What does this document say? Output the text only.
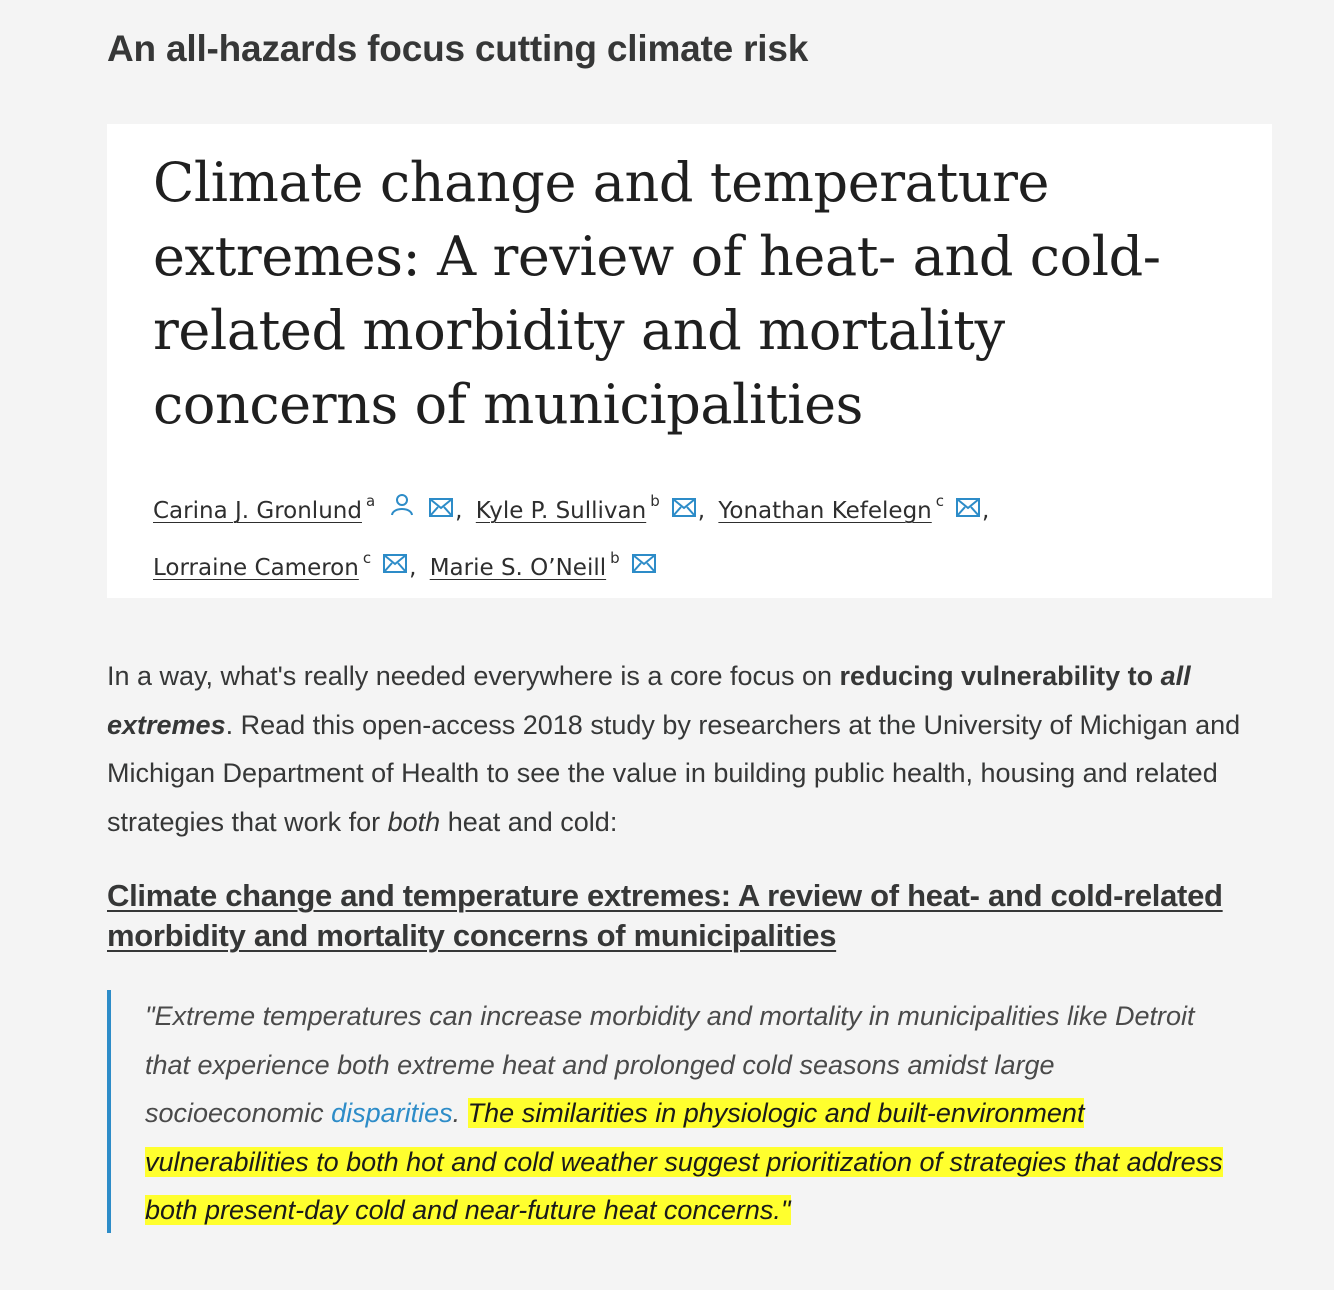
An all-hazards focus cutting climate risk
Climate change and temperature extremes: A review of heat- and cold-related morbidity and mortality concerns of municipalities
Carina J. Gronlund $^a$	, Kyle P. Sullivan $^b$ , Yonathan Kefelegn $^c$ ,
Lorraine Cameron $^c$ , Marie S. O’Neill $^b$

In a way, what's really needed everywhere is a core focus on reducing vulnerability to all extremes. Read this open-access 2018 study by researchers at the University of Michigan and Michigan Department of Health to see the value in building public health, housing and related strategies that work for both heat and cold:

Climate change and temperature extremes: A review of heat- and cold-related morbidity and mortality concerns of municipalities

"Extreme temperatures can increase morbidity and mortality in municipalities like Detroit that experience both extreme heat and prolonged cold seasons amidst large socioeconomic disparities. The similarities in physiologic and built-environment vulnerabilities to both hot and cold weather suggest prioritization of strategies that address both present-day cold and near-future heat concerns."
